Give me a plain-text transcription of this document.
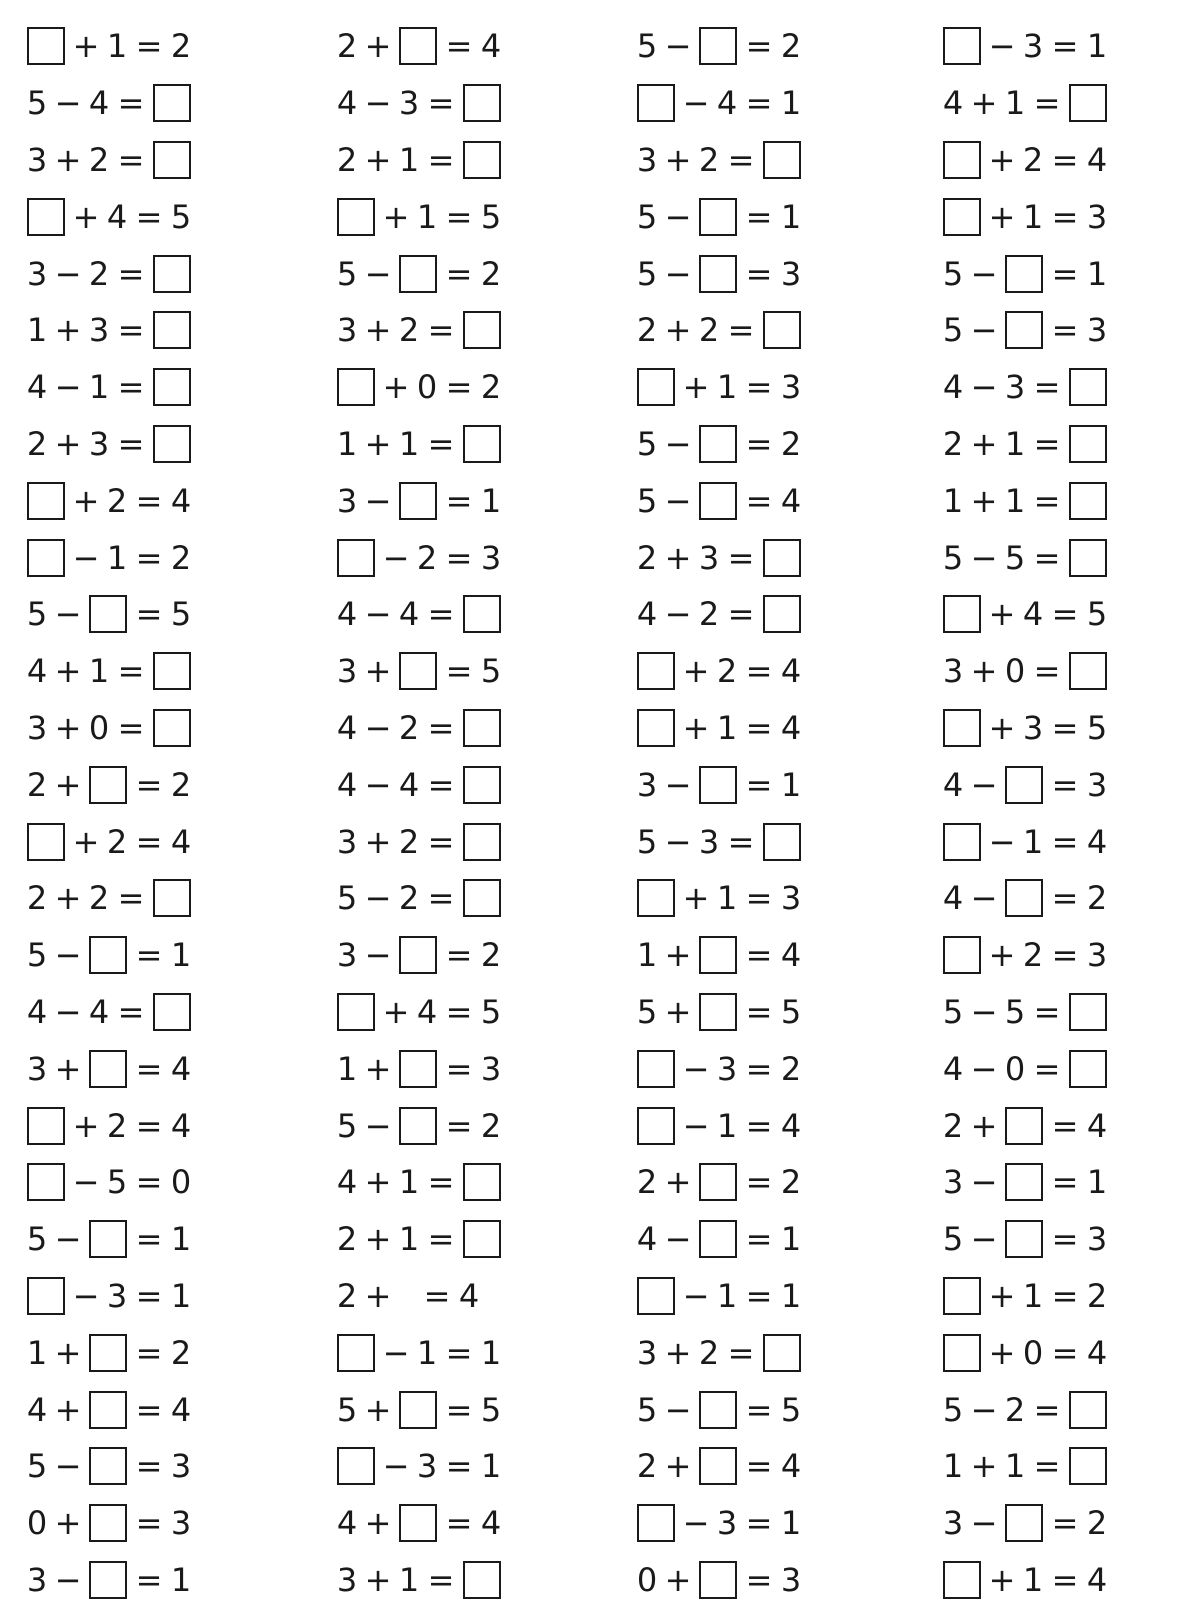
+ 1 = 2
5 − 4 =
3 + 2 =
+ 4 = 5
3 − 2 =
1 + 3 =
4 − 1 =
2 + 3 =
+ 2 = 4
− 1 = 2
5 − = 5
4 + 1 =
3 + 0 =
2 + = 2
+ 2 = 4
2 + 2 =
5 − = 1
4 − 4 =
3 + = 4
+ 2 = 4
− 5 = 0
5 − = 1
− 3 = 1
1 + = 2
4 + = 4
5 − = 3
0 + = 3
3 − = 1
2 + = 4
4 − 3 =
2 + 1 =
+ 1 = 5
5 − = 2
3 + 2 =
+ 0 = 2
1 + 1 =
3 − = 1
− 2 = 3
4 − 4 =
3 + = 5
4 − 2 =
4 − 4 =
3 + 2 =
5 − 2 =
3 − = 2
+ 4 = 5
1 + = 3
5 − = 2
4 + 1 =
2 + 1 =
2 + = 4
− 1 = 1
5 + = 5
− 3 = 1
4 + = 4
3 + 1 =
5 − = 2
− 4 = 1
3 + 2 =
5 − = 1
5 − = 3
2 + 2 =
+ 1 = 3
5 − = 2
5 − = 4
2 + 3 =
4 − 2 =
+ 2 = 4
+ 1 = 4
3 − = 1
5 − 3 =
+ 1 = 3
1 + = 4
5 + = 5
− 3 = 2
− 1 = 4
2 + = 2
4 − = 1
− 1 = 1
3 + 2 =
5 − = 5
2 + = 4
− 3 = 1
0 + = 3
− 3 = 1
4 + 1 =
+ 2 = 4
+ 1 = 3
5 − = 1
5 − = 3
4 − 3 =
2 + 1 =
1 + 1 =
5 − 5 =
+ 4 = 5
3 + 0 =
+ 3 = 5
4 − = 3
− 1 = 4
4 − = 2
+ 2 = 3
5 − 5 =
4 − 0 =
2 + = 4
3 − = 1
5 − = 3
+ 1 = 2
+ 0 = 4
5 − 2 =
1 + 1 =
3 − = 2
+ 1 = 4
